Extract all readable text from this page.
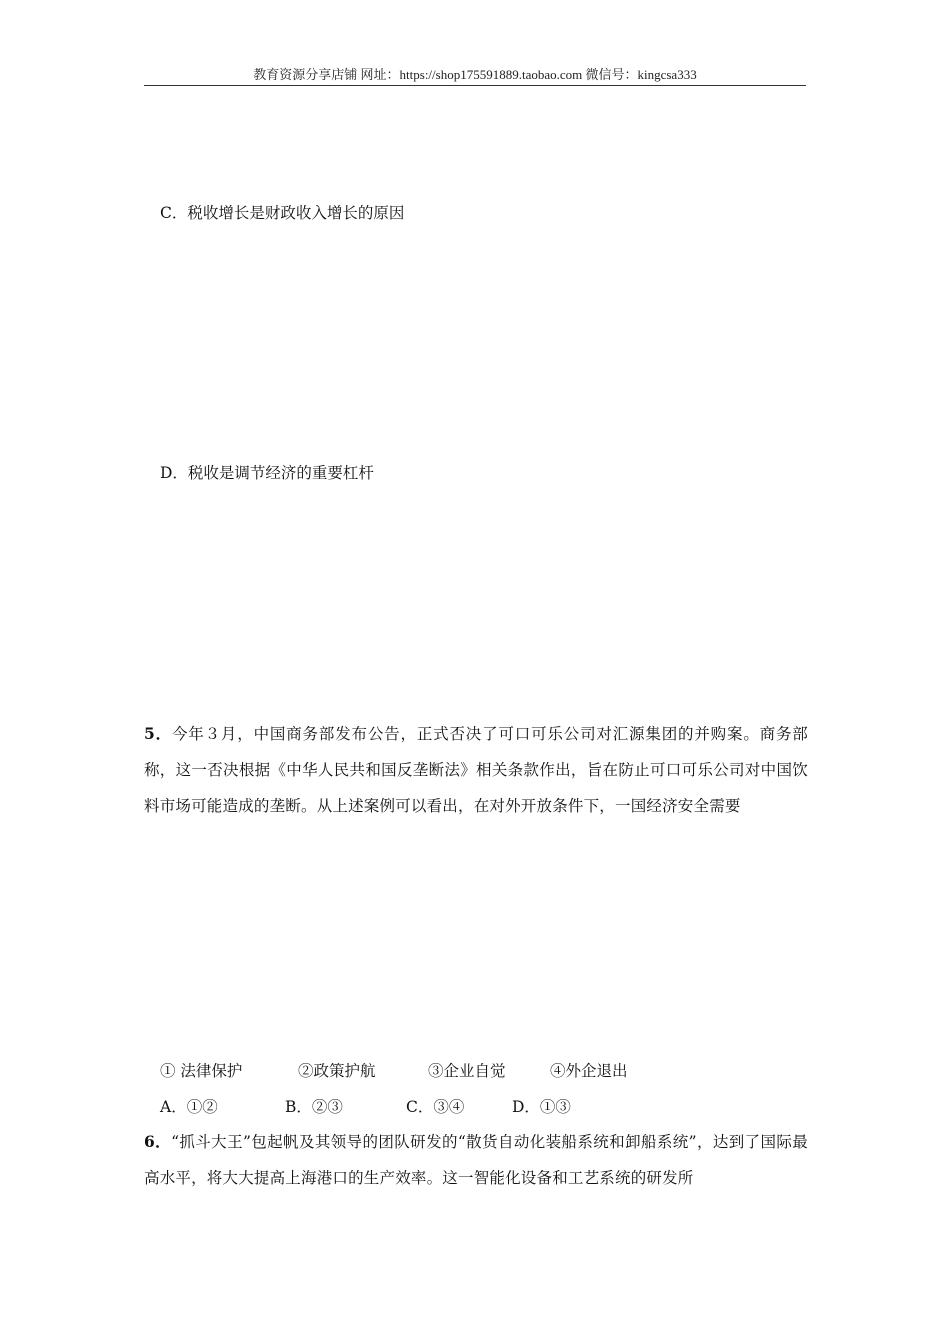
教育资源分享店铺 网址：https://shop175591889.taobao.com 微信号：kingcsa333
C．税收增长是财政收入增长的原因
D．税收是调节经济的重要杠杆
5．今年３月，中国商务部发布公告，正式否决了可口可乐公司对汇源集团的并购案。商务部称，这一否决根据《中华人民共和国反垄断法》相关条款作出，旨在防止可口可乐公司对中国饮料市场可能造成的垄断。从上述案例可以看出，在对外开放条件下，一国经济安全需要
① 法律保护	②政策护航	③企业自觉	④外企退出
A．①②	B．②③	C．③④	D．①③
6．“抓斗大王”包起帆及其领导的团队研发的“散货自动化装船系统和卸船系统”，达到了国际最高水平，将大大提高上海港口的生产效率。这一智能化设备和工艺系统的研发所
